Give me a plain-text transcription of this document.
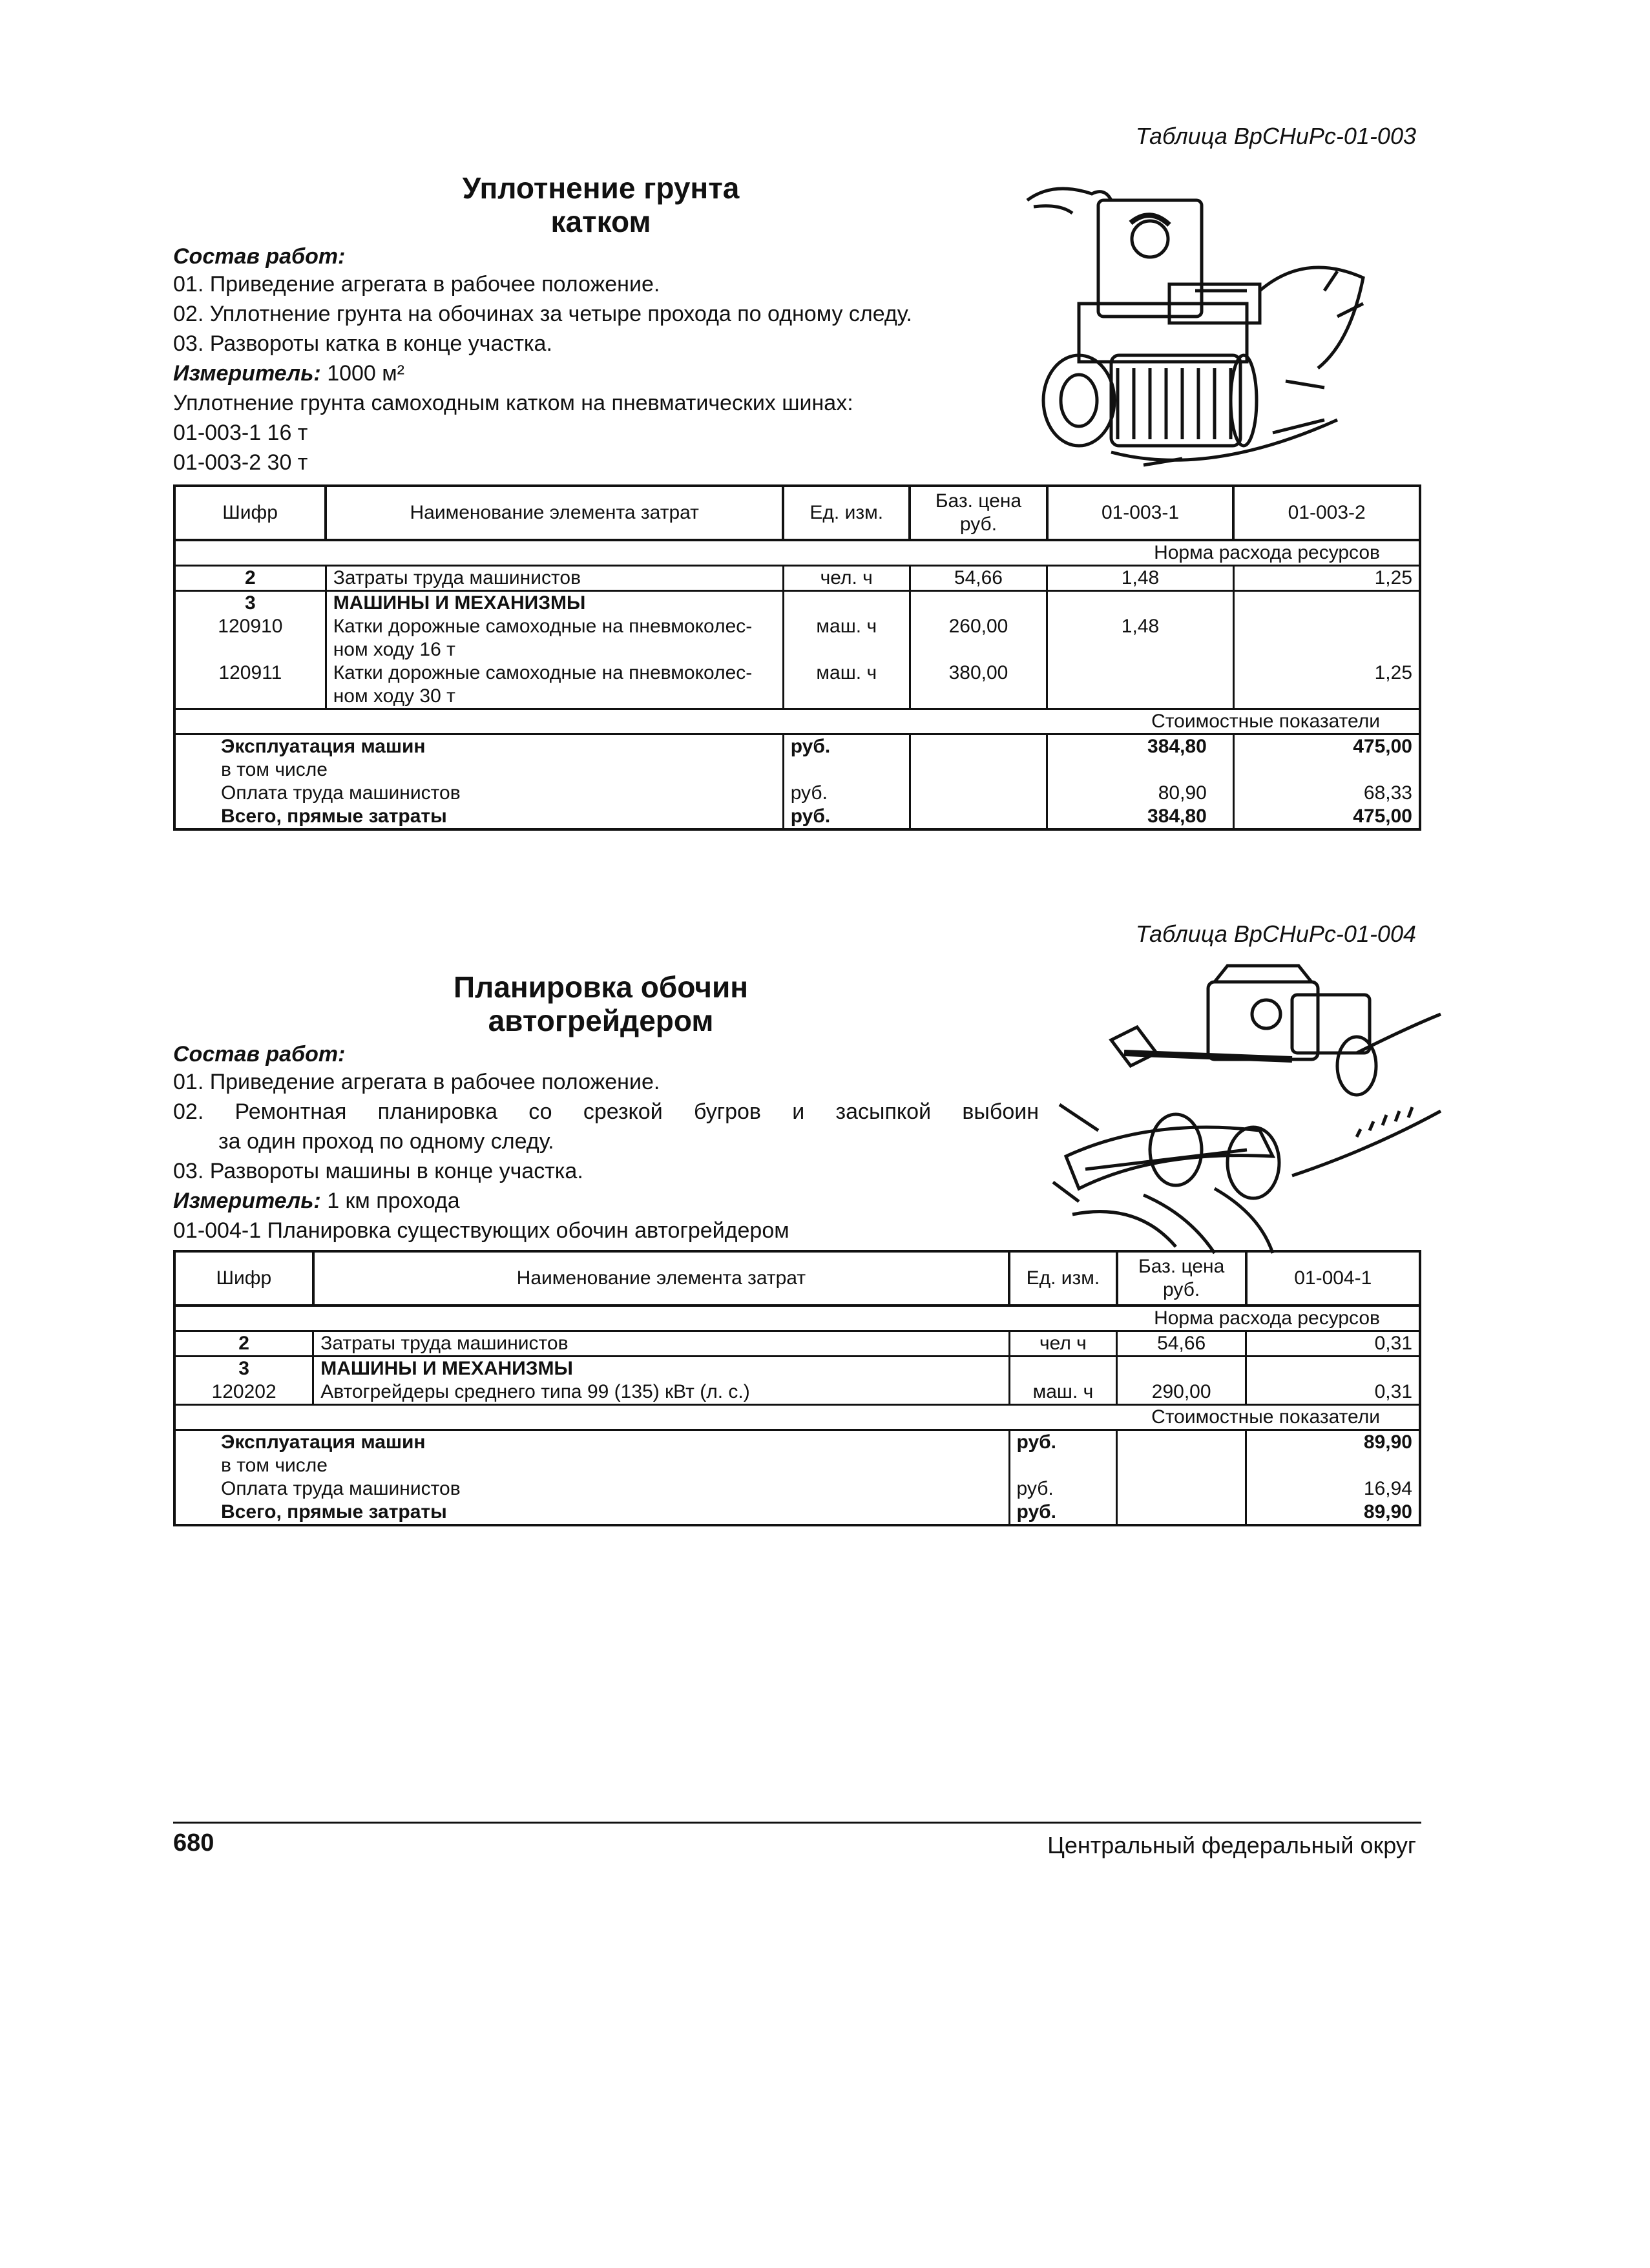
Таблица ВрСНиРс-01-003
Уплотнение грунта
катком
Состав работ:
01. Приведение агрегата в рабочее положение.
02. Уплотнение грунта на обочинах за четыре прохода по одному следу.
03. Развороты катка в конце участка.
Измеритель: 1000 м²
Уплотнение грунта самоходным катком на пневматических шинах:
01-003-1 16 т
01-003-2 30 т
Шифр	Наименование элемента затрат	Ед. изм.	Баз. цена руб.	01-003-1	01-003-2
Норма расхода ресурсов					
2	Затраты труда машинистов	чел. ч	54,66	1,48	1,25
3	МАШИНЫ И МЕХАНИЗМЫ				
120910	Катки дорожные самоходные на пневмоколес-ном ходу 16 т	маш. ч	260,00	1,48	
120911	Катки дорожные самоходные на пневмоколес-ном ходу 30 т	маш. ч	380,00		1,25
Стоимостные показатели					
Эксплуатация машин		руб.		384,80	475,00
в том числе					
Оплата труда машинистов		руб.		80,90	68,33
Всего, прямые затраты		руб.		384,80	475,00
Таблица ВрСНиРс-01-004
Планировка обочин
автогрейдером
Состав работ:
01. Приведение агрегата в рабочее положение.
02. Ремонтная планировка со срезкой бугров и засыпкой выбоин
за один проход по одному следу.
03. Развороты машины в конце участка.
Измеритель: 1 км прохода
01-004-1 Планировка существующих обочин автогрейдером
Шифр	Наименование элемента затрат	Ед. изм.	Баз. цена руб.	01-004-1
Норма расхода ресурсов				
2	Затраты труда машинистов	чел ч	54,66	0,31
3	МАШИНЫ И МЕХАНИЗМЫ			
120202	Автогрейдеры среднего типа 99 (135) кВт (л. с.)	маш. ч	290,00	0,31
Стоимостные показатели				
Эксплуатация машин		руб.		89,90
в том числе				
Оплата труда машинистов		руб.		16,94
Всего, прямые затраты		руб.		89,90
680	Центральный федеральный округ
